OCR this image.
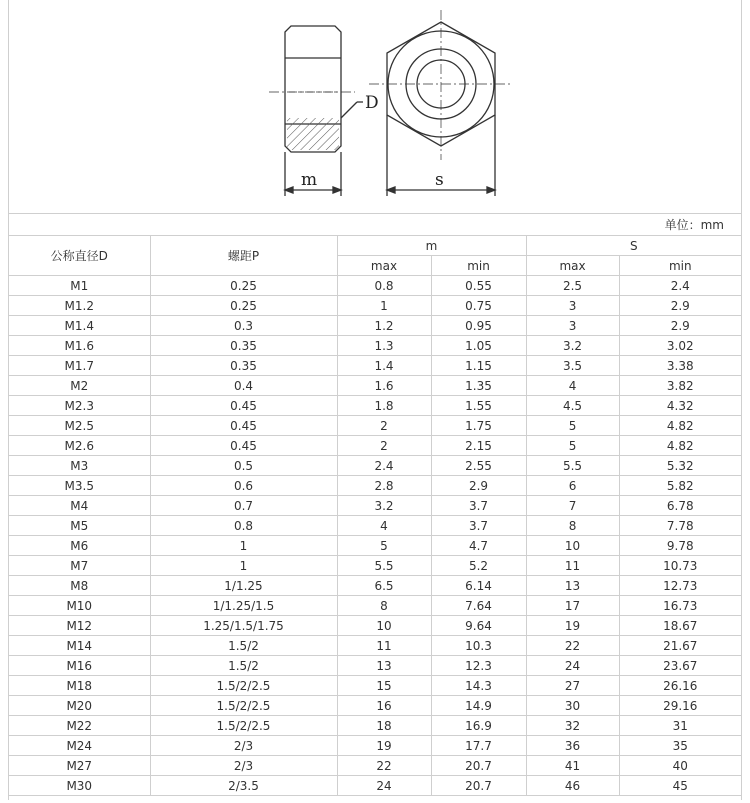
m
D
s
单位：mm
公称直径D	螺距P	m		S	
		max	min	max	min
M1	0.25	0.8	0.55	2.5	2.4
M1.2	0.25	1	0.75	3	2.9
M1.4	0.3	1.2	0.95	3	2.9
M1.6	0.35	1.3	1.05	3.2	3.02
M1.7	0.35	1.4	1.15	3.5	3.38
M2	0.4	1.6	1.35	4	3.82
M2.3	0.45	1.8	1.55	4.5	4.32
M2.5	0.45	2	1.75	5	4.82
M2.6	0.45	2	2.15	5	4.82
M3	0.5	2.4	2.55	5.5	5.32
M3.5	0.6	2.8	2.9	6	5.82
M4	0.7	3.2	3.7	7	6.78
M5	0.8	4	3.7	8	7.78
M6	1	5	4.7	10	9.78
M7	1	5.5	5.2	11	10.73
M8	1/1.25	6.5	6.14	13	12.73
M10	1/1.25/1.5	8	7.64	17	16.73
M12	1.25/1.5/1.75	10	9.64	19	18.67
M14	1.5/2	11	10.3	22	21.67
M16	1.5/2	13	12.3	24	23.67
M18	1.5/2/2.5	15	14.3	27	26.16
M20	1.5/2/2.5	16	14.9	30	29.16
M22	1.5/2/2.5	18	16.9	32	31
M24	2/3	19	17.7	36	35
M27	2/3	22	20.7	41	40
M30	2/3.5	24	20.7	46	45
